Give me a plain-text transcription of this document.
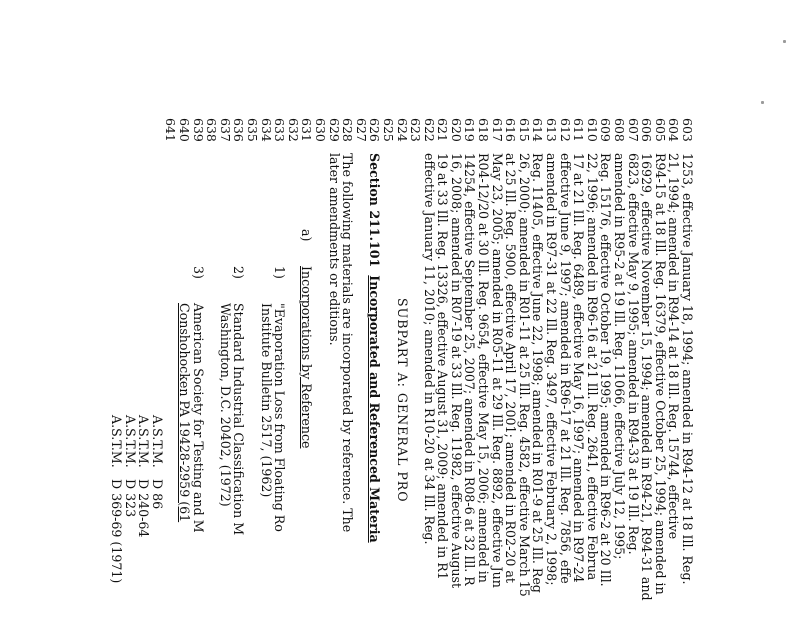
603
604
605
606
607
608
609
610
611
612
613
614
615
616
617
618
619
620
621
622
623
624
625
626
627
628
629
630
631
632
633
634
635
636
637
638
639
640
641
1253, effective January 18, 1994; amended in R94-12 at 18 Ill. Reg.
21, 1994; amended in R94-14 at 18 Ill. Reg. 15744, effective
R94-15 at 18 Ill. Reg. 16379, effective October 25, 1994; amended in
16929, effective November 15, 1994; amended in R94-21, R94-31 and
6823, effective May 9, 1995; amended in R94-33 at 19 Ill. Reg.
amended in R95-2 at 19 Ill. Reg. 11066, effective July 12, 1995;
Reg. 15176, effective October 19, 1995; amended in R96-2 at 20 Ill.
22, 1996; amended in R96-16 at 21 Ill. Reg. 2641, effective Februa
17 at 21 Ill. Reg. 6489, effective May 16, 1997; amended in R97-24
effective June 9, 1997; amended in R96-17 at 21 Ill. Reg. 7856, effe
amended in R97-31 at 22 Ill. Reg. 3497, effective February 2, 1998;
Reg. 11405, effective June 22, 1998; amended in R01-9 at 25 Ill. Reg
26, 2000; amended in R01-11 at 25 Ill. Reg. 4582, effective March 15
at 25 Ill. Reg. 5900, effective April 17, 2001; amended in R02-20 at
May 23, 2005; amended in R05-11 at 29 Ill. Reg. 8892, effective Jun
R04-12/20 at 30 Ill. Reg. 9654, effective May 15, 2006; amended in
14254, effective September 25, 2007; amended in R08-6 at 32 Ill. R
16, 2008; amended in R07-19 at 33 Ill. Reg. 11982, effective August
19 at 33 Ill. Reg. 13326, effective August 31, 2009; amended in R1
effective January 11, 2010; amended in R10-20 at 34 Ill. Reg.
SUBPART A: GENERAL PRO
Section 211.101  Incorporated and Referenced Materia
The following materials are incorporated by reference. The
later amendments or editions.
a)Incorporations by Reference
1)"Evaporation Loss from Floating Ro
Institute Bulletin 2517, (1962)
2)Standard Industrial Classification M
Washington, D.C. 20402, (1972)
3)American Society for Testing and M
Conshohocken PA 19428-2959 (61
A.S.T.M.D 86
A.S.T.M.D 240-64
A.S.T.M.D 323
A.S.T.M.D 369-69 (1971)
